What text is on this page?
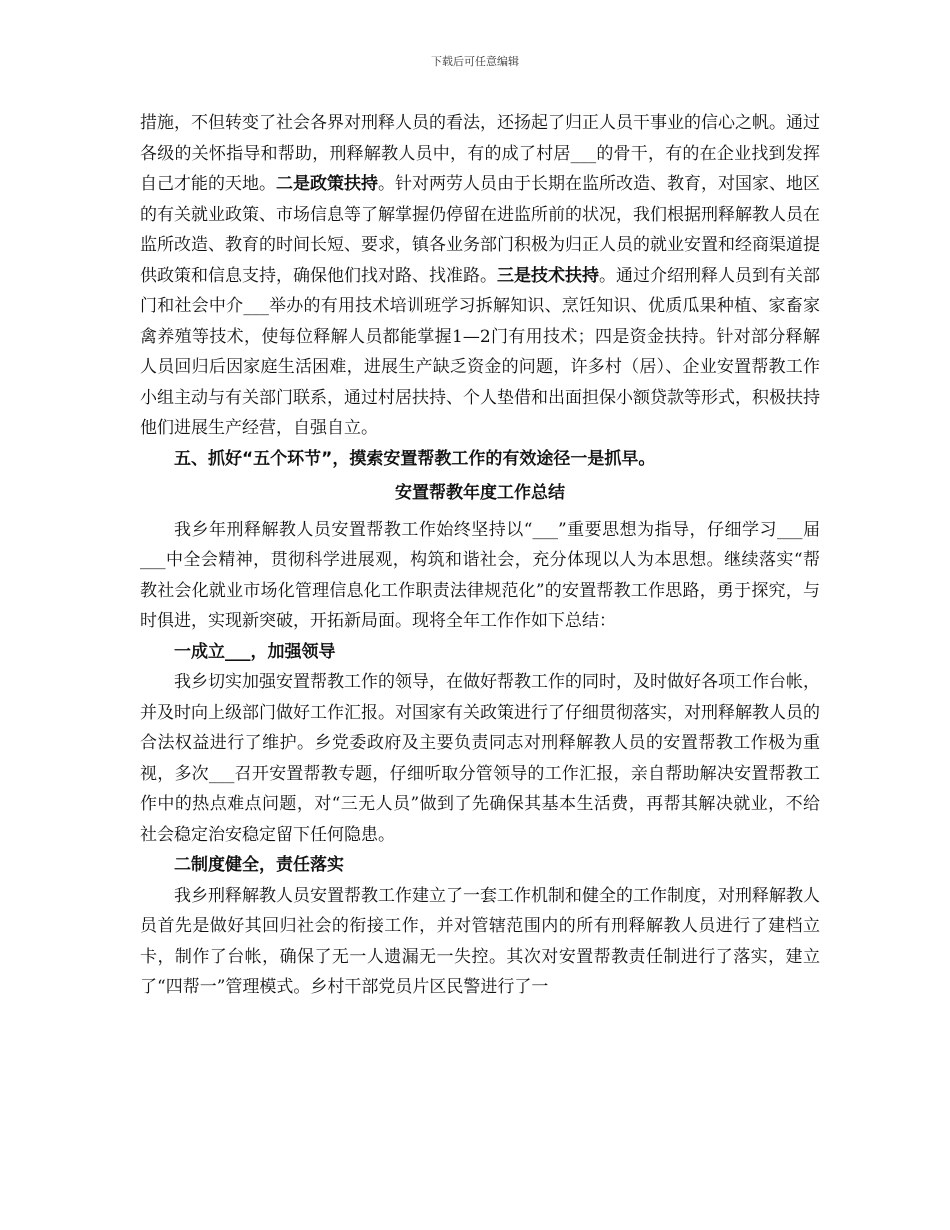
下载后可任意编辑

措施，不但转变了社会各界对刑释人员的看法，还扬起了归正人员干事业的信心之帆。通过各级的关怀指导和帮助，刑释解教人员中，有的成了村居___的骨干，有的在企业找到发挥自己才能的天地。二是政策扶持。针对两劳人员由于长期在监所改造、教育，对国家、地区的有关就业政策、市场信息等了解掌握仍停留在进监所前的状况，我们根据刑释解教人员在监所改造、教育的时间长短、要求，镇各业务部门积极为归正人员的就业安置和经商渠道提供政策和信息支持，确保他们找对路、找准路。三是技术扶持。通过介绍刑释人员到有关部门和社会中介___举办的有用技术培训班学习拆解知识、烹饪知识、优质瓜果种植、家畜家禽养殖等技术，使每位释解人员都能掌握1—2门有用技术；四是资金扶持。针对部分释解人员回归后因家庭生活困难，进展生产缺乏资金的问题，许多村（居）、企业安置帮教工作小组主动与有关部门联系，通过村居扶持、个人垫借和出面担保小额贷款等形式，积极扶持他们进展生产经营，自强自立。

五、抓好“五个环节”，摸索安置帮教工作的有效途径一是抓早。

安置帮教年度工作总结

我乡年刑释解教人员安置帮教工作始终坚持以“___”重要思想为指导，仔细学习___届___中全会精神，贯彻科学进展观，构筑和谐社会，充分体现以人为本思想。继续落实“帮教社会化就业市场化管理信息化工作职责法律规范化”的安置帮教工作思路，勇于探究，与时俱进，实现新突破，开拓新局面。现将全年工作作如下总结：

一成立___，加强领导

我乡切实加强安置帮教工作的领导，在做好帮教工作的同时，及时做好各项工作台帐，并及时向上级部门做好工作汇报。对国家有关政策进行了仔细贯彻落实，对刑释解教人员的合法权益进行了维护。乡党委政府及主要负责同志对刑释解教人员的安置帮教工作极为重视，多次___召开安置帮教专题，仔细听取分管领导的工作汇报，亲自帮助解决安置帮教工作中的热点难点问题，对“三无人员”做到了先确保其基本生活费，再帮其解决就业，不给社会稳定治安稳定留下任何隐患。

二制度健全，责任落实

我乡刑释解教人员安置帮教工作建立了一套工作机制和健全的工作制度，对刑释解教人员首先是做好其回归社会的衔接工作，并对管辖范围内的所有刑释解教人员进行了建档立卡，制作了台帐，确保了无一人遗漏无一失控。其次对安置帮教责任制进行了落实，建立了“四帮一”管理模式。乡村干部党员片区民警进行了一
